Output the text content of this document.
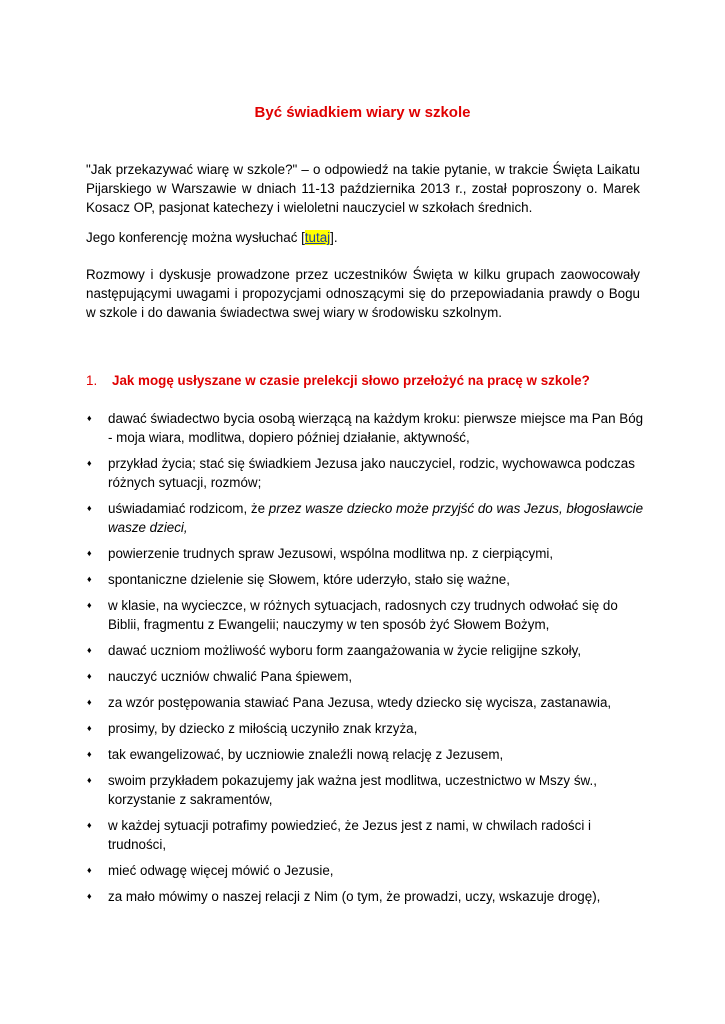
Być świadkiem wiary w szkole

"Jak przekazywać wiarę w szkole?" – o odpowiedź na takie pytanie, w trakcie Święta Laikatu Pijarskiego w Warszawie w dniach 11-13 października 2013 r., został poproszony o. Marek Kosacz OP, pasjonat katechezy i wieloletni nauczyciel w szkołach średnich.

Jego konferencję można wysłuchać [tutaj].

Rozmowy i dyskusje prowadzone przez uczestników Święta w kilku grupach zaowocowały następującymi uwagami i propozycjami odnoszącymi się do przepowiadania prawdy o Bogu w szkole i do dawania świadectwa swej wiary w środowisku szkolnym.

1. Jak mogę usłyszane w czasie prelekcji słowo przełożyć na pracę w szkole?
♦ dawać świadectwo bycia osobą wierzącą na każdym kroku: pierwsze miejsce ma Pan Bóg - moja wiara, modlitwa, dopiero później działanie, aktywność,
♦ przykład życia; stać się świadkiem Jezusa jako nauczyciel, rodzic, wychowawca podczas różnych sytuacji, rozmów;
♦ uświadamiać rodzicom, że przez wasze dziecko może przyjść do was Jezus, błogosławcie wasze dzieci,
♦ powierzenie trudnych spraw Jezusowi, wspólna modlitwa np. z cierpiącymi,
♦ spontaniczne dzielenie się Słowem, które uderzyło, stało się ważne,
♦ w klasie, na wycieczce, w różnych sytuacjach, radosnych czy trudnych odwołać się do Biblii, fragmentu z Ewangelii; nauczymy w ten sposób żyć Słowem Bożym,
♦ dawać uczniom możliwość wyboru form zaangażowania w życie religijne szkoły,
♦ nauczyć uczniów chwalić Pana śpiewem,
♦ za wzór postępowania stawiać Pana Jezusa, wtedy dziecko się wycisza, zastanawia,
♦ prosimy, by dziecko z miłością uczyniło znak krzyża,
♦ tak ewangelizować, by uczniowie znaleźli nową relację z Jezusem,
♦ swoim przykładem pokazujemy jak ważna jest modlitwa, uczestnictwo w Mszy św., korzystanie z sakramentów,
♦ w każdej sytuacji potrafimy powiedzieć, że Jezus jest z nami, w chwilach radości i trudności,
♦ mieć odwagę więcej mówić o Jezusie,
♦ za mało mówimy o naszej relacji z Nim (o tym, że prowadzi, uczy, wskazuje drogę),
